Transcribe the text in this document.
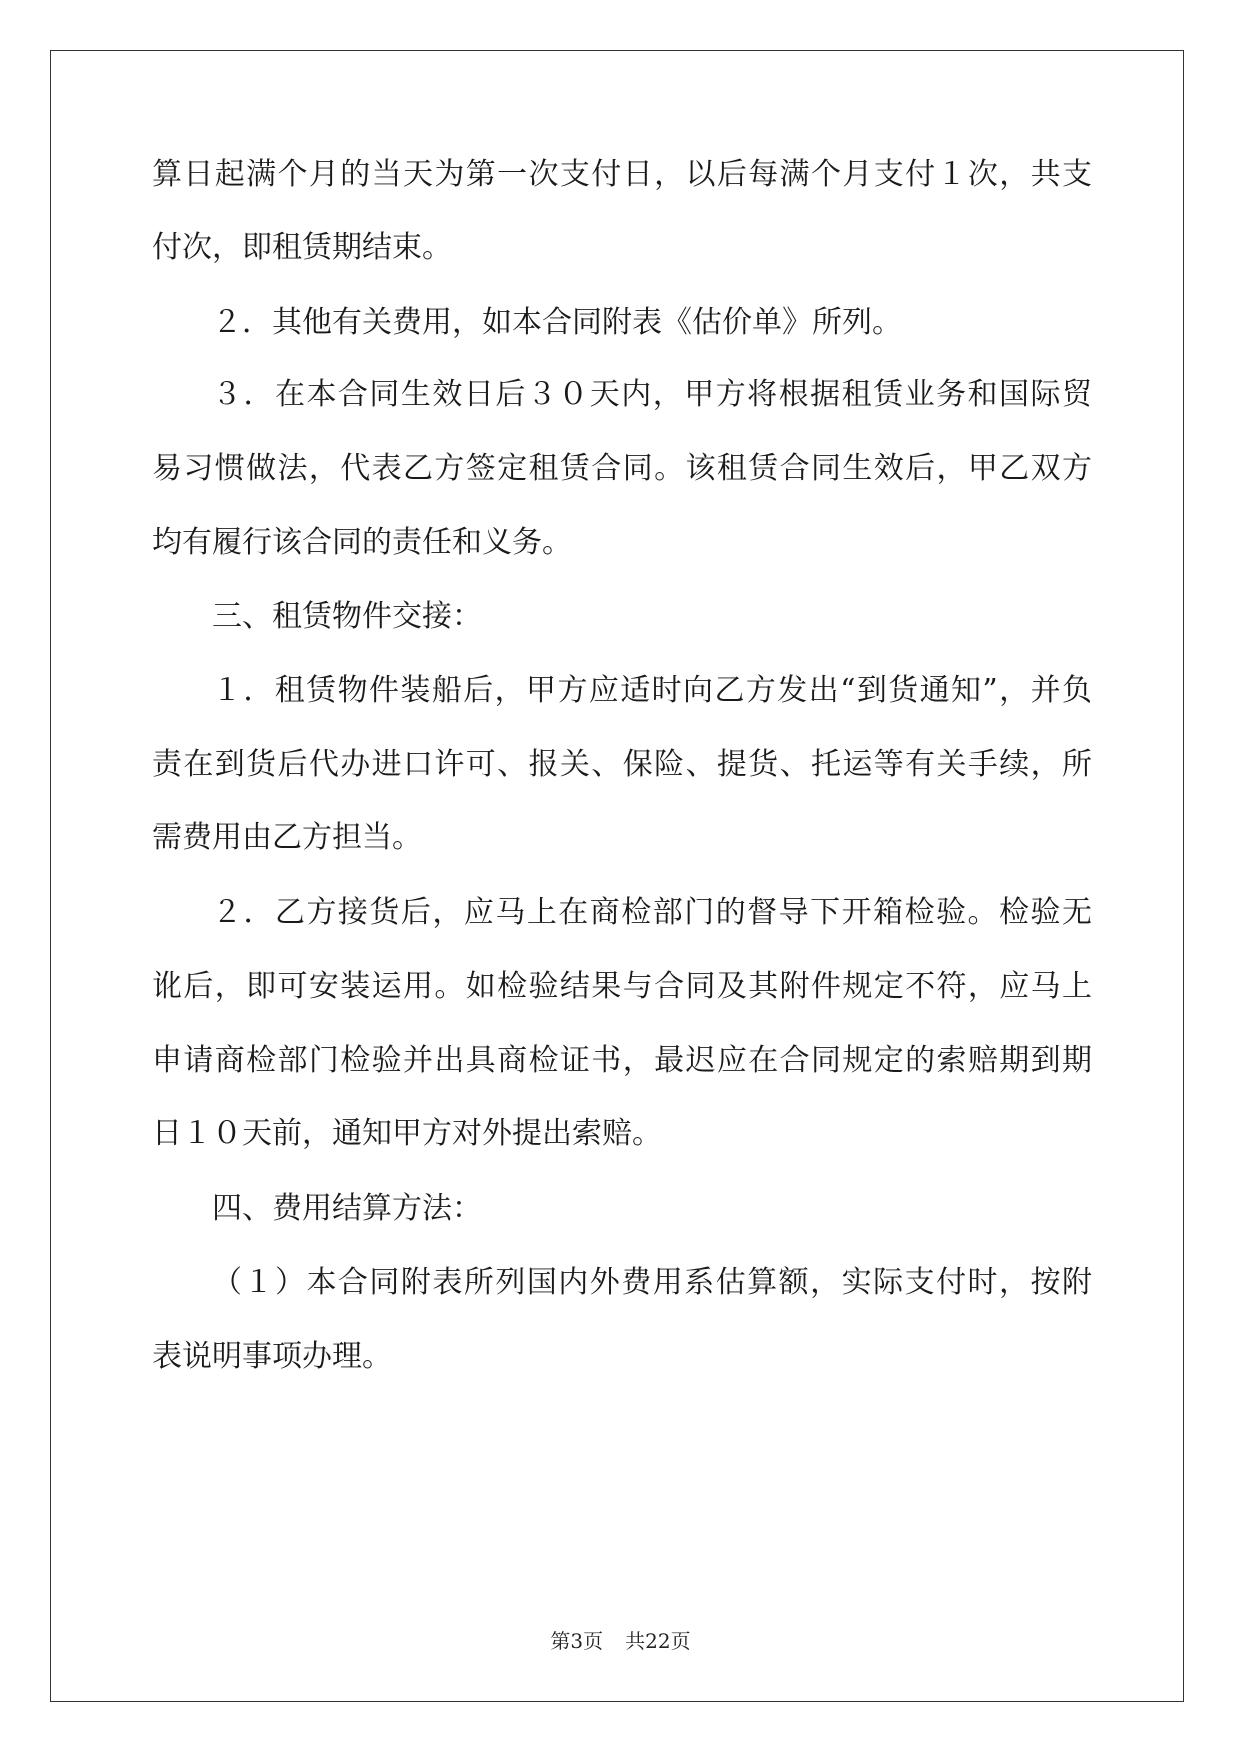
算日起满个月的当天为第一次支付日，以后每满个月支付１次，共支
付次，即租赁期结束。
２．其他有关费用，如本合同附表《估价单》所列。
３．在本合同生效日后３０天内，甲方将根据租赁业务和国际贸
易习惯做法，代表乙方签定租赁合同。该租赁合同生效后，甲乙双方
均有履行该合同的责任和义务。
三、租赁物件交接：
１．租赁物件装船后，甲方应适时向乙方发出“到货通知”，并负
责在到货后代办进口许可、报关、保险、提货、托运等有关手续，所
需费用由乙方担当。
２．乙方接货后，应马上在商检部门的督导下开箱检验。检验无
讹后，即可安装运用。如检验结果与合同及其附件规定不符，应马上
申请商检部门检验并出具商检证书，最迟应在合同规定的索赔期到期
日１０天前，通知甲方对外提出索赔。
四、费用结算方法：
（１）本合同附表所列国内外费用系估算额，实际支付时，按附
表说明事项办理。
第3页 共22页
